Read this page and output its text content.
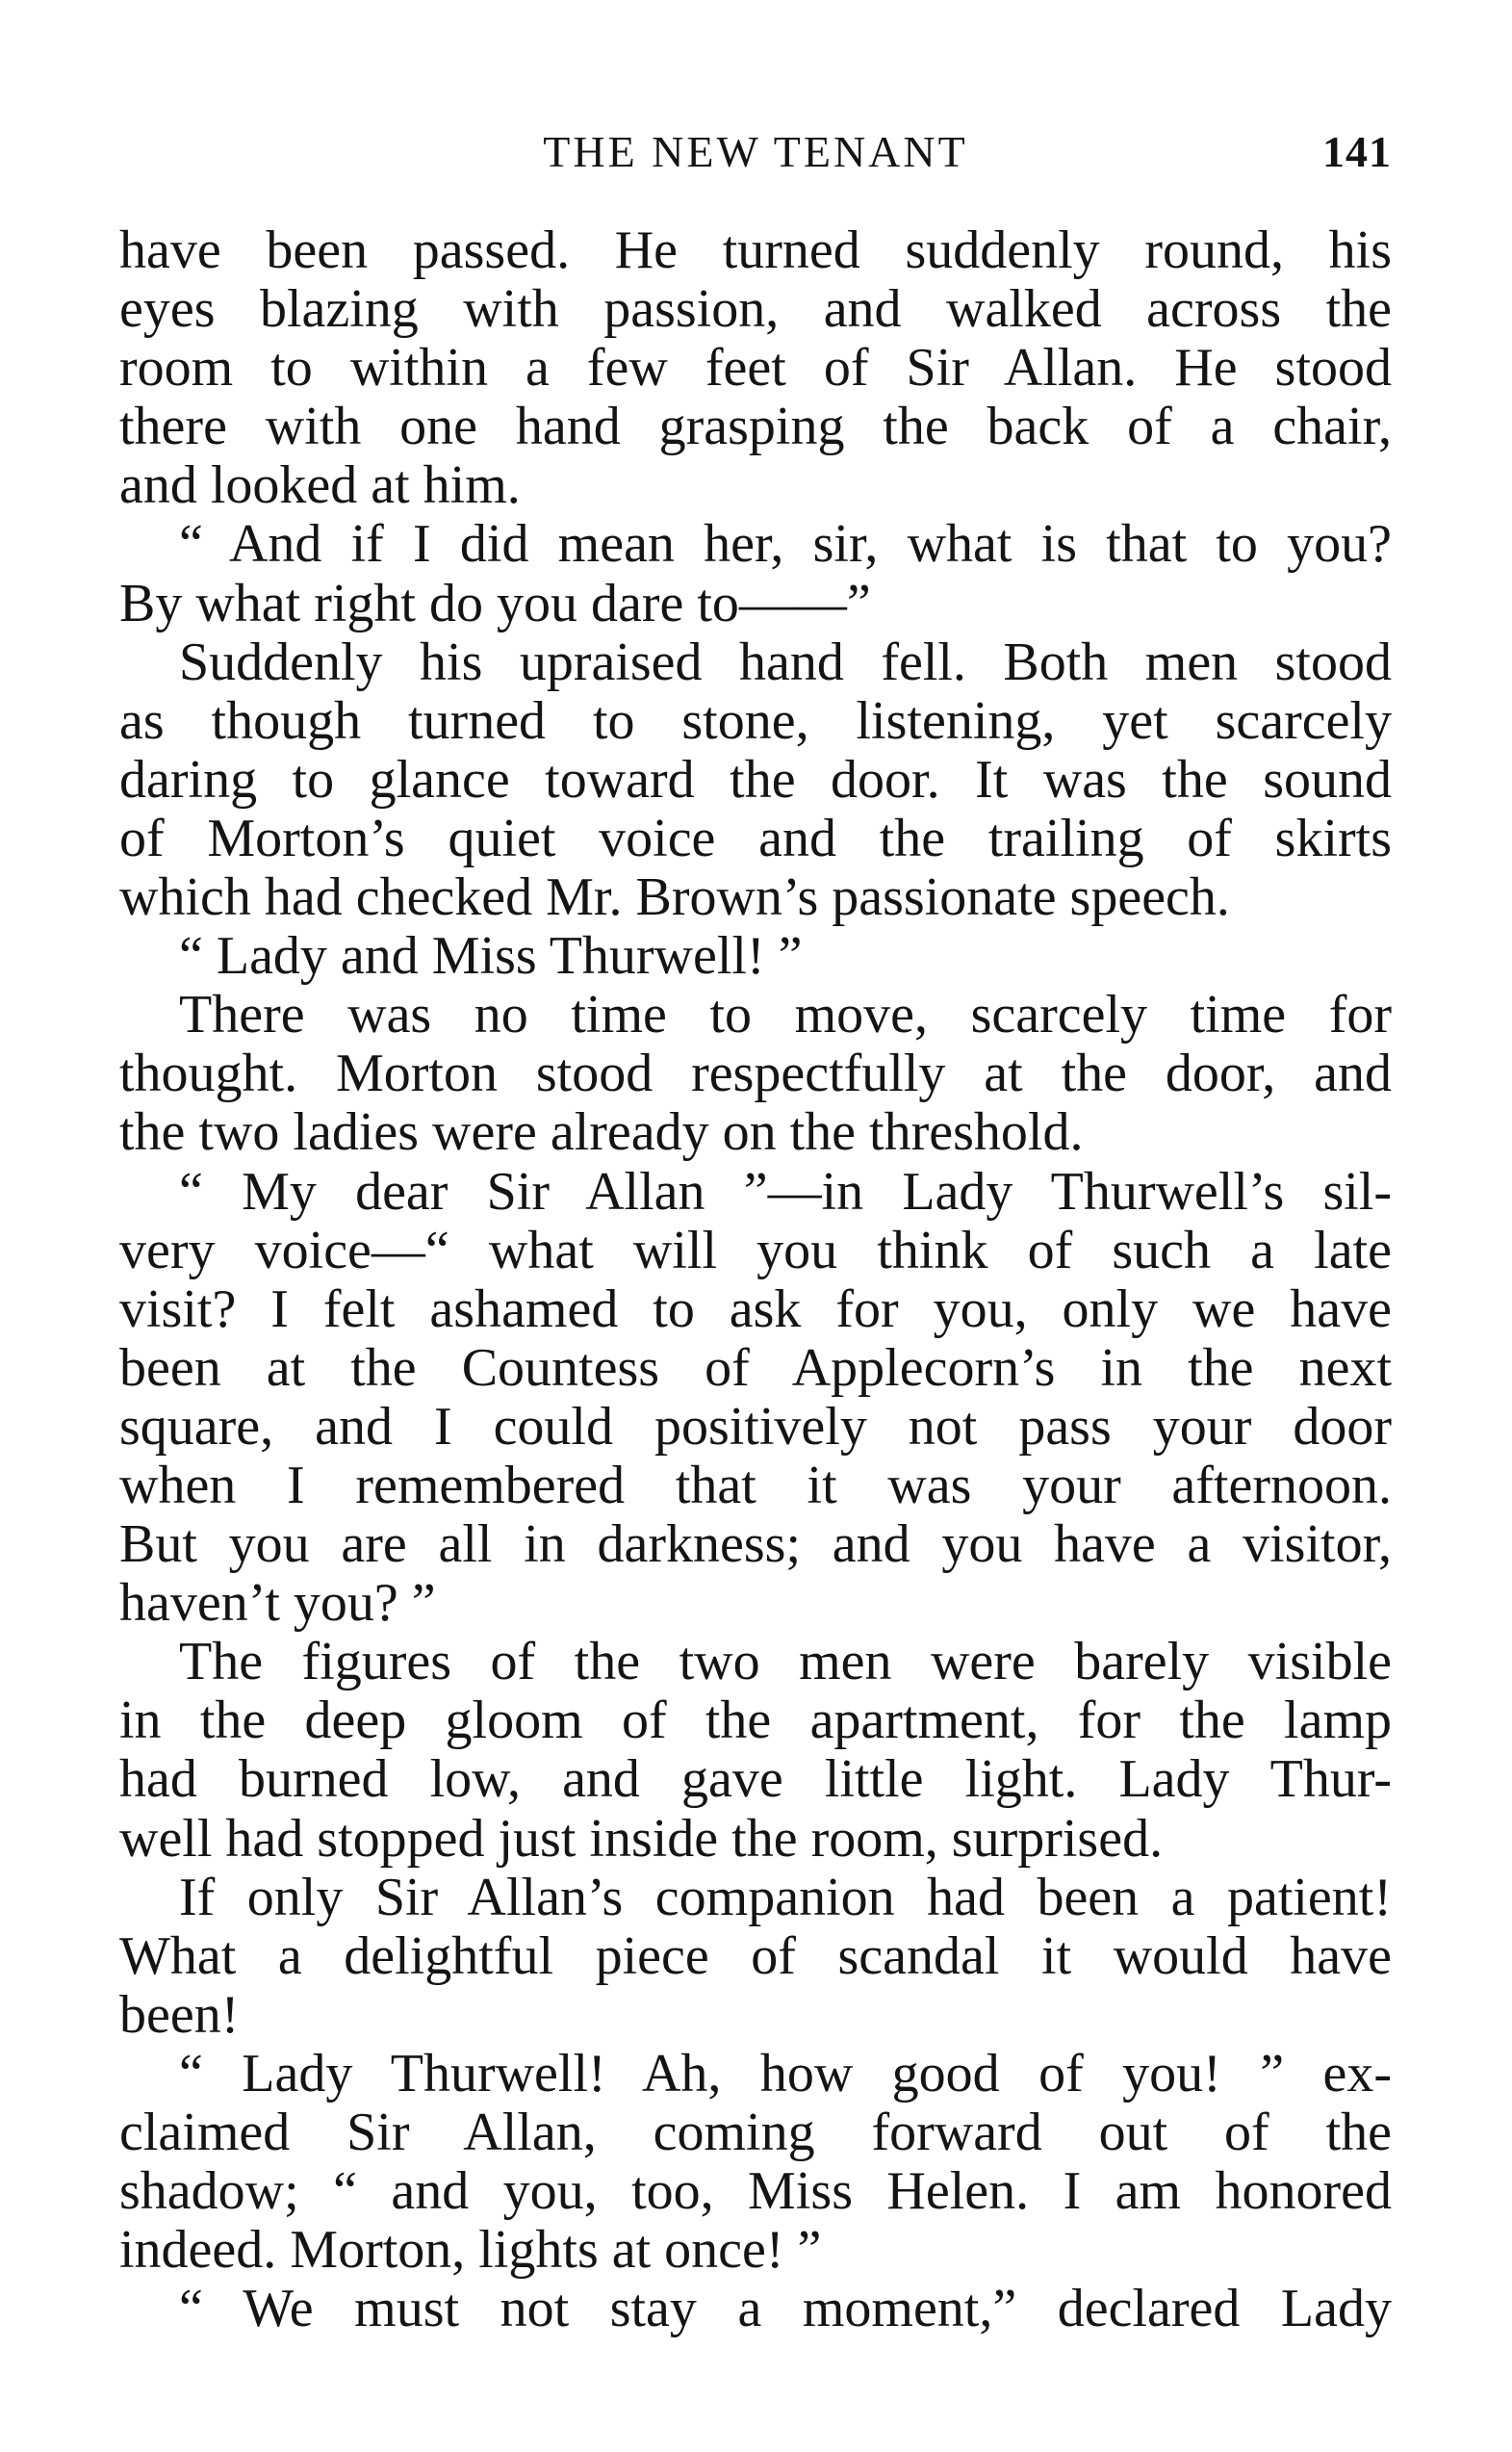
THE NEW TENANT	141
have been passed. He turned suddenly round, his
eyes blazing with passion, and walked across the
room to within a few feet of Sir Allan. He stood
there with one hand grasping the back of a chair,
and looked at him.
“ And if I did mean her, sir, what is that to you?
By what right do you dare to——”
Suddenly his upraised hand fell. Both men stood
as though turned to stone, listening, yet scarcely
daring to glance toward the door. It was the sound
of Morton’s quiet voice and the trailing of skirts
which had checked Mr. Brown’s passionate speech.
“ Lady and Miss Thurwell! ”
There was no time to move, scarcely time for
thought. Morton stood respectfully at the door, and
the two ladies were already on the threshold.
“ My dear Sir Allan ”—in Lady Thurwell’s sil-
very voice—“ what will you think of such a late
visit? I felt ashamed to ask for you, only we have
been at the Countess of Applecorn’s in the next
square, and I could positively not pass your door
when I remembered that it was your afternoon.
But you are all in darkness; and you have a visitor,
haven’t you? ”
The figures of the two men were barely visible
in the deep gloom of the apartment, for the lamp
had burned low, and gave little light. Lady Thur-
well had stopped just inside the room, surprised.
If only Sir Allan’s companion had been a patient!
What a delightful piece of scandal it would have
been!
“ Lady Thurwell! Ah, how good of you! ” ex-
claimed Sir Allan, coming forward out of the
shadow; “ and you, too, Miss Helen. I am honored
indeed. Morton, lights at once! ”
“ We must not stay a moment,” declared Lady
